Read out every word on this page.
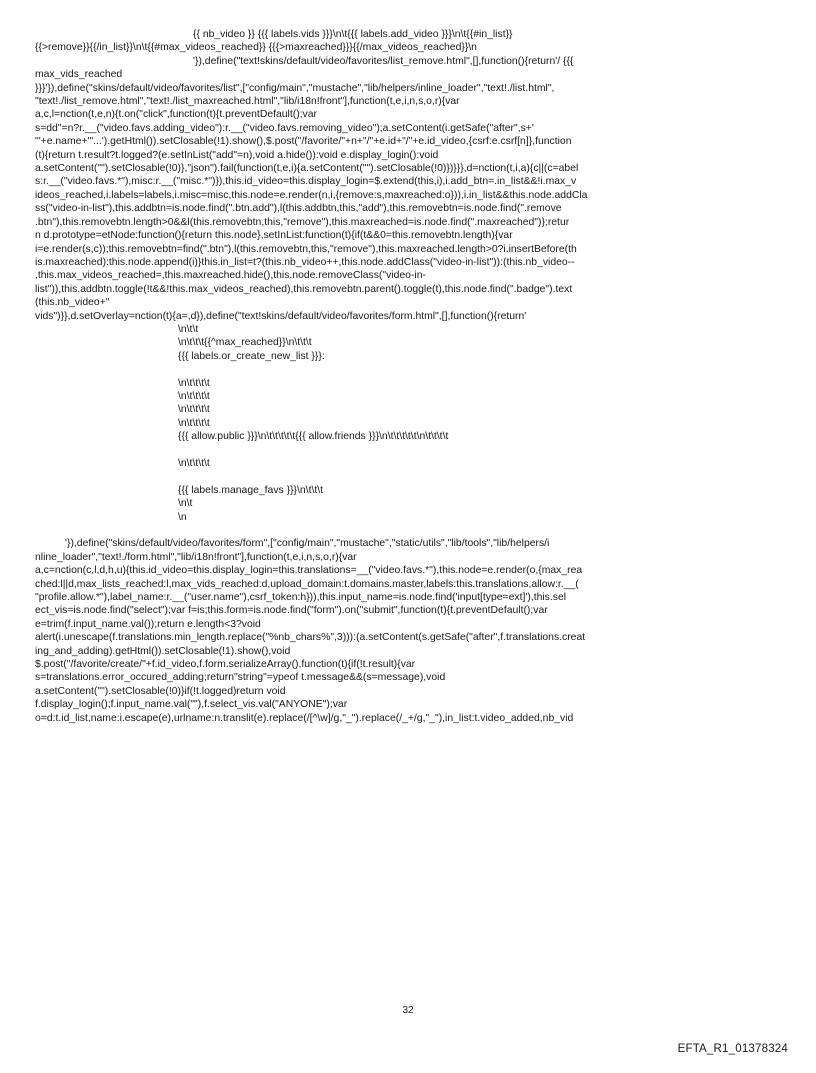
{{ nb_video }} {{{ labels.vids }}}\n\t{{{ labels.add_video }}}\n\t{{#in_list}}
{{>remove}}{{/in_list}}\n\t{{#max_videos_reached}} {{{>maxreached}}}{{/max_videos_reached}}\n
'}),define("text!skins/default/video/favorites/list_remove.html",[],function(){return'/ {{{
max_vids_reached
}}}'}),define("skins/default/video/favorites/list",["config/main","mustache","lib/helpers/inline_loader","text!./list.html",
"text!./list_remove.html","text!./list_maxreached.html","lib/i18n!front"],function(t,e,i,n,s,o,r){var
a,c,l=nction(t,e,n){t.on("click",function(t){t.preventDefault();var
s=dd"=n?r.__("video.favs.adding_video"):r.__("video.favs.removing_video");a.setContent(i.getSafe("after",s+'
"'+e.name+'"...').getHtml()).setClosable(!1).show(),$.post("/favorite/"+n+"/"+e.id+"/"+e.id_video,{csrf:e.csrf[n]},function
(t){return t.result?t.logged?(e.setInList("add"=n),void a.hide()):void e.display_login():void
a.setContent("").setClosable(!0)},"json").fail(function(t,e,i){a.setContent("").setClosable(!0)})}}},d=nction(t,i,a){c||(c=abel
s:r.__("video.favs.*"),misc:r.__("misc.*")}),this.id_video=this.display_login=$.extend(this,i),i.add_btn=.in_list&&!i.max_v
ideos_reached,i.labels=labels,i.misc=misc,this.node=e.render(n,i,{remove:s,maxreached:o})),i.in_list&&this.node.addCla
ss("video-in-list"),this.addbtn=is.node.find(".btn.add"),l(this.addbtn,this,"add"),this.removebtn=is.node.find(".remove
.btn"),this.removebtn.length>0&&l(this.removebtn,this,"remove"),this.maxreached=is.node.find(".maxreached")};retur
n d.prototype=etNode:function(){return this.node},setInList:function(t){if(t&&0=this.removebtn.length){var
i=e.render(s,c));this.removebtn=find(".btn"),l(this.removebtn,this,"remove"),this.maxreached.length>0?i.insertBefore(th
is.maxreached):this.node.append(i)}this.in_list=t?(this.nb_video++,this.node.addClass("video-in-list")):(this.nb_video--
,this.max_videos_reached=,this.maxreached.hide(),this.node.removeClass("video-in-
list")),this.addbtn.toggle(!t&&!this.max_videos_reached),this.removebtn.parent().toggle(t),this.node.find(".badge").text
(this.nb_video+"
vids")}},d.setOverlay=nction(t){a=,d}),define("text!skins/default/video/favorites/form.html",[],function(){return'
\n\t\t
\n\t\t\t{{^max_reached}}\n\t\t\t
{{{ labels.or_create_new_list }}}:
\n\t\t\t\t
\n\t\t\t\t
\n\t\t\t\t
\n\t\t\t\t
{{{ allow.public }}}\n\t\t\t\t\t{{{ allow.friends }}}\n\t\t\t\t\t\n\t\t\t\t
\n\t\t\t\t
{{{ labels.manage_favs }}}\n\t\t\t
\n\t
\n
'}),define("skins/default/video/favorites/form",["config/main","mustache","static/utils","lib/tools","lib/helpers/i
nline_loader","text!./form.html","lib/i18n!front"],function(t,e,i,n,s,o,r){var
a,c=nction(c,l,d,h,u){this.id_video=this.display_login=this.translations=__("video.favs.*"),this.node=e.render(o,{max_rea
ched:l||d,max_lists_reached:l,max_vids_reached:d,upload_domain:t.domains.master,labels:this.translations,allow:r.__(
"profile.allow.*"),label_name:r.__("user.name"),csrf_token:h})),this.input_name=is.node.find('input[type=ext]'),this.sel
ect_vis=is.node.find("select");var f=is;this.form=is.node.find("form").on("submit",function(t){t.preventDefault();var
e=trim(f.input_name.val());return e.length<3?void
alert(i.unescape(f.translations.min_length.replace("%nb_chars%",3))):(a.setContent(s.getSafe("after",f.translations.creat
ing_and_adding).getHtml()).setClosable(!1).show(),void
$.post("/favorite/create/"+f.id_video,f.form.serializeArray(),function(t){if(!t.result){var
s=translations.error_occured_adding;return"string"=ypeof t.message&&(s=message),void
a.setContent("").setClosable(!0)}if(!t.logged)return void
f.display_login();f.input_name.val(""),f.select_vis.val("ANYONE");var
o=d:t.id_list,name:i.escape(e),urlname:n.translit(e).replace(/[^\w]/g,"_").replace(/_+/g,"_"),in_list:t.video_added,nb_vid
32
EFTA_R1_01378324
